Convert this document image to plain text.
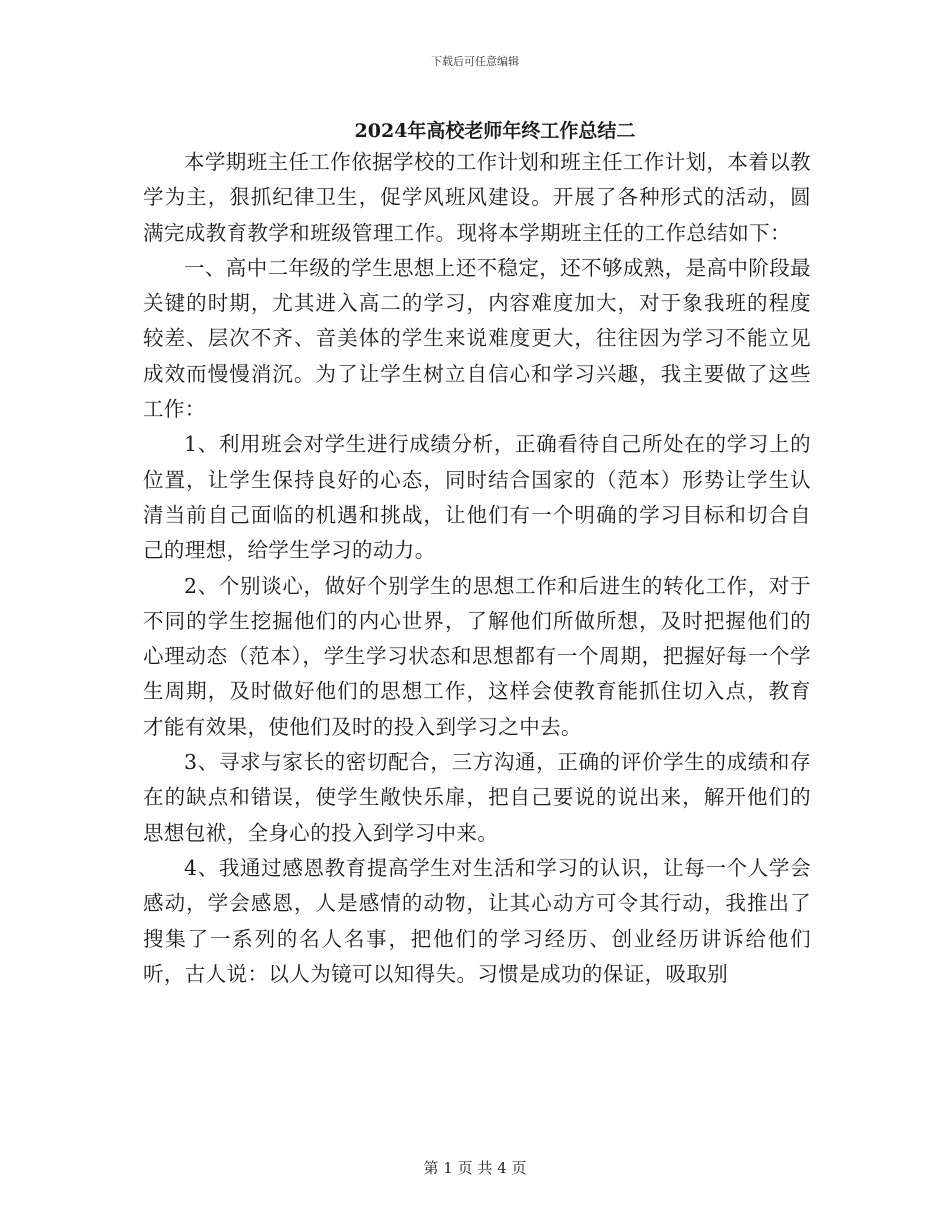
下载后可任意编辑
2024年高校老师年终工作总结二

本学期班主任工作依据学校的工作计划和班主任工作计划，本着以教学为主，狠抓纪律卫生，促学风班风建设。开展了各种形式的活动，圆满完成教育教学和班级管理工作。现将本学期班主任的工作总结如下：

一、高中二年级的学生思想上还不稳定，还不够成熟，是高中阶段最关键的时期，尤其进入高二的学习，内容难度加大，对于象我班的程度较差、层次不齐、音美体的学生来说难度更大，往往因为学习不能立见成效而慢慢消沉。为了让学生树立自信心和学习兴趣，我主要做了这些工作：

1、利用班会对学生进行成绩分析，正确看待自己所处在的学习上的位置，让学生保持良好的心态，同时结合国家的（范本）形势让学生认清当前自己面临的机遇和挑战，让他们有一个明确的学习目标和切合自己的理想，给学生学习的动力。

2、个别谈心，做好个别学生的思想工作和后进生的转化工作，对于不同的学生挖掘他们的内心世界，了解他们所做所想，及时把握他们的心理动态（范本），学生学习状态和思想都有一个周期，把握好每一个学生周期，及时做好他们的思想工作，这样会使教育能抓住切入点，教育才能有效果，使他们及时的投入到学习之中去。

3、寻求与家长的密切配合，三方沟通，正确的评价学生的成绩和存在的缺点和错误，使学生敞快乐扉，把自己要说的说出来，解开他们的思想包袱，全身心的投入到学习中来。

4、我通过感恩教育提高学生对生活和学习的认识，让每一个人学会感动，学会感恩，人是感情的动物，让其心动方可令其行动，我推出了搜集了一系列的名人名事，把他们的学习经历、创业经历讲诉给他们听，古人说：以人为镜可以知得失。习惯是成功的保证，吸取别

第 1 页 共 4 页
